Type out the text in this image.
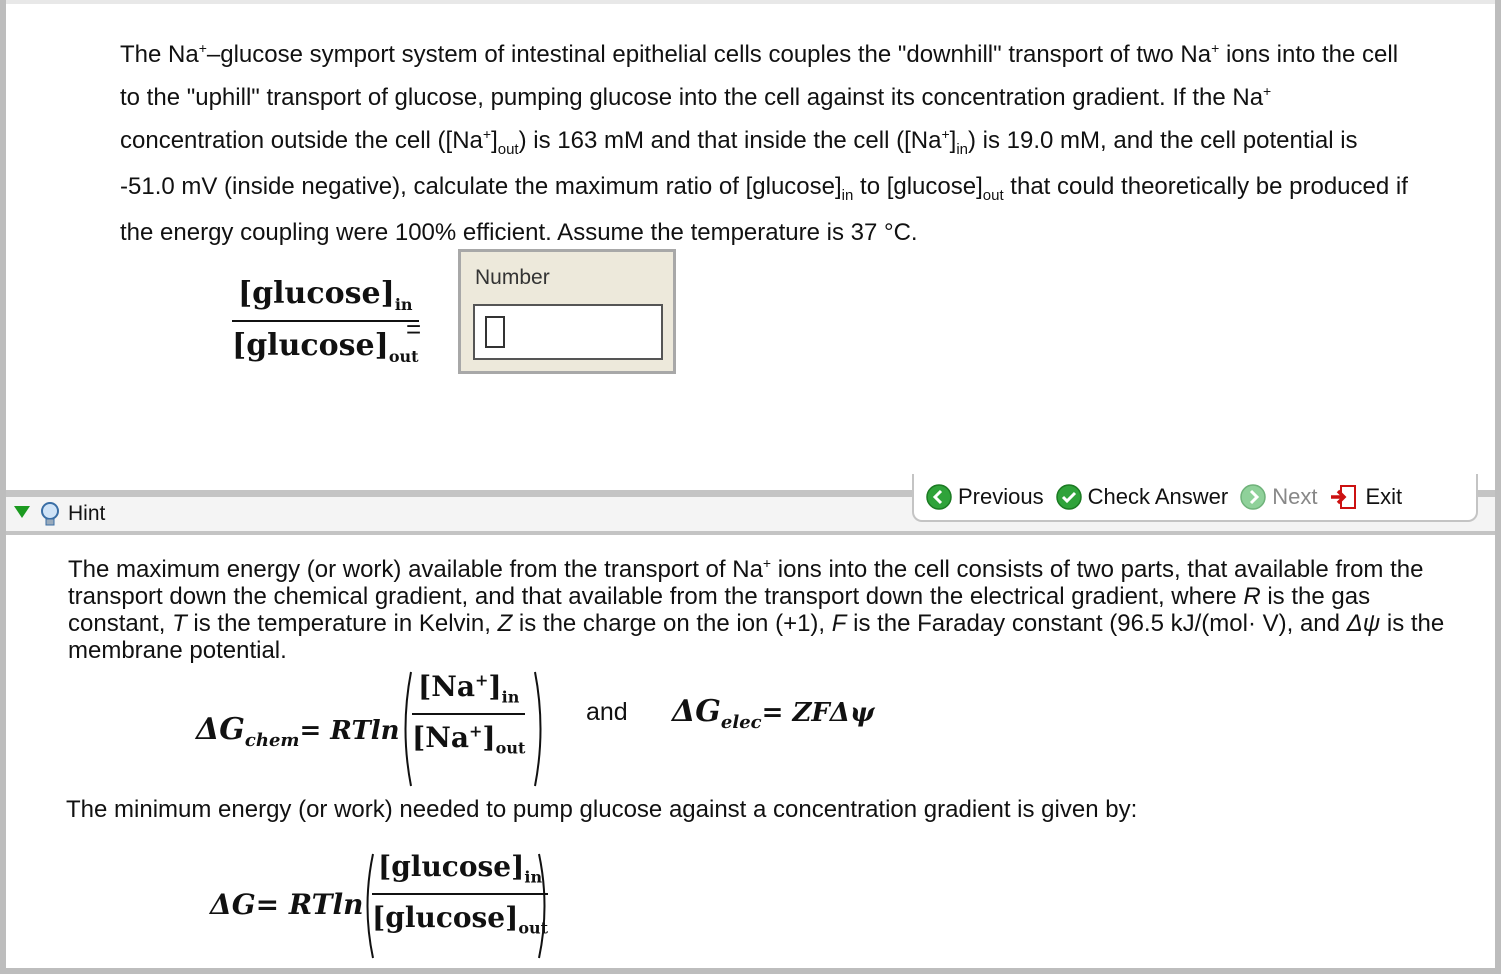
The Na+–glucose symport system of intestinal epithelial cells couples the "downhill" transport of two Na+ ions into the cell to the "uphill" transport of glucose, pumping glucose into the cell against its concentration gradient. If the Na+ concentration outside the cell $([Na^+]_{out})$ is 163 mM and that inside the cell $([Na^+]_{in})$ is 19.0 mM, and the cell potential is -51.0 mV (inside negative), calculate the maximum ratio of $[glucose]_{in}$ to $[glucose]_{out}$ that could theoretically be produced if the energy coupling were 100% efficient. Assume the temperature is 37 °C.
$[glucose]_{in}$
$[glucose]_{out}$
=
Number
Hint
Previous Check Answer Next Exit
The maximum energy (or work) available from the transport of Na+ ions into the cell consists of two parts, that available from the transport down the chemical gradient, and that available from the transport down the electrical gradient, where R is the gas constant, T is the temperature in Kelvin, Z is the charge on the ion (+1), F is the Faraday constant (96.5 kJ/(mol· V), and Δψ is the membrane potential.
$\Delta G_{chem}= RTln$
$[Na^+]_{in}$
$[Na^+]_{out}$
and $\Delta G_{elec}= ZF\Delta\psi$
The minimum energy (or work) needed to pump glucose against a concentration gradient is given by:
ΔG= RTln
$[glucose]_{in}$
$[glucose]_{out}$
